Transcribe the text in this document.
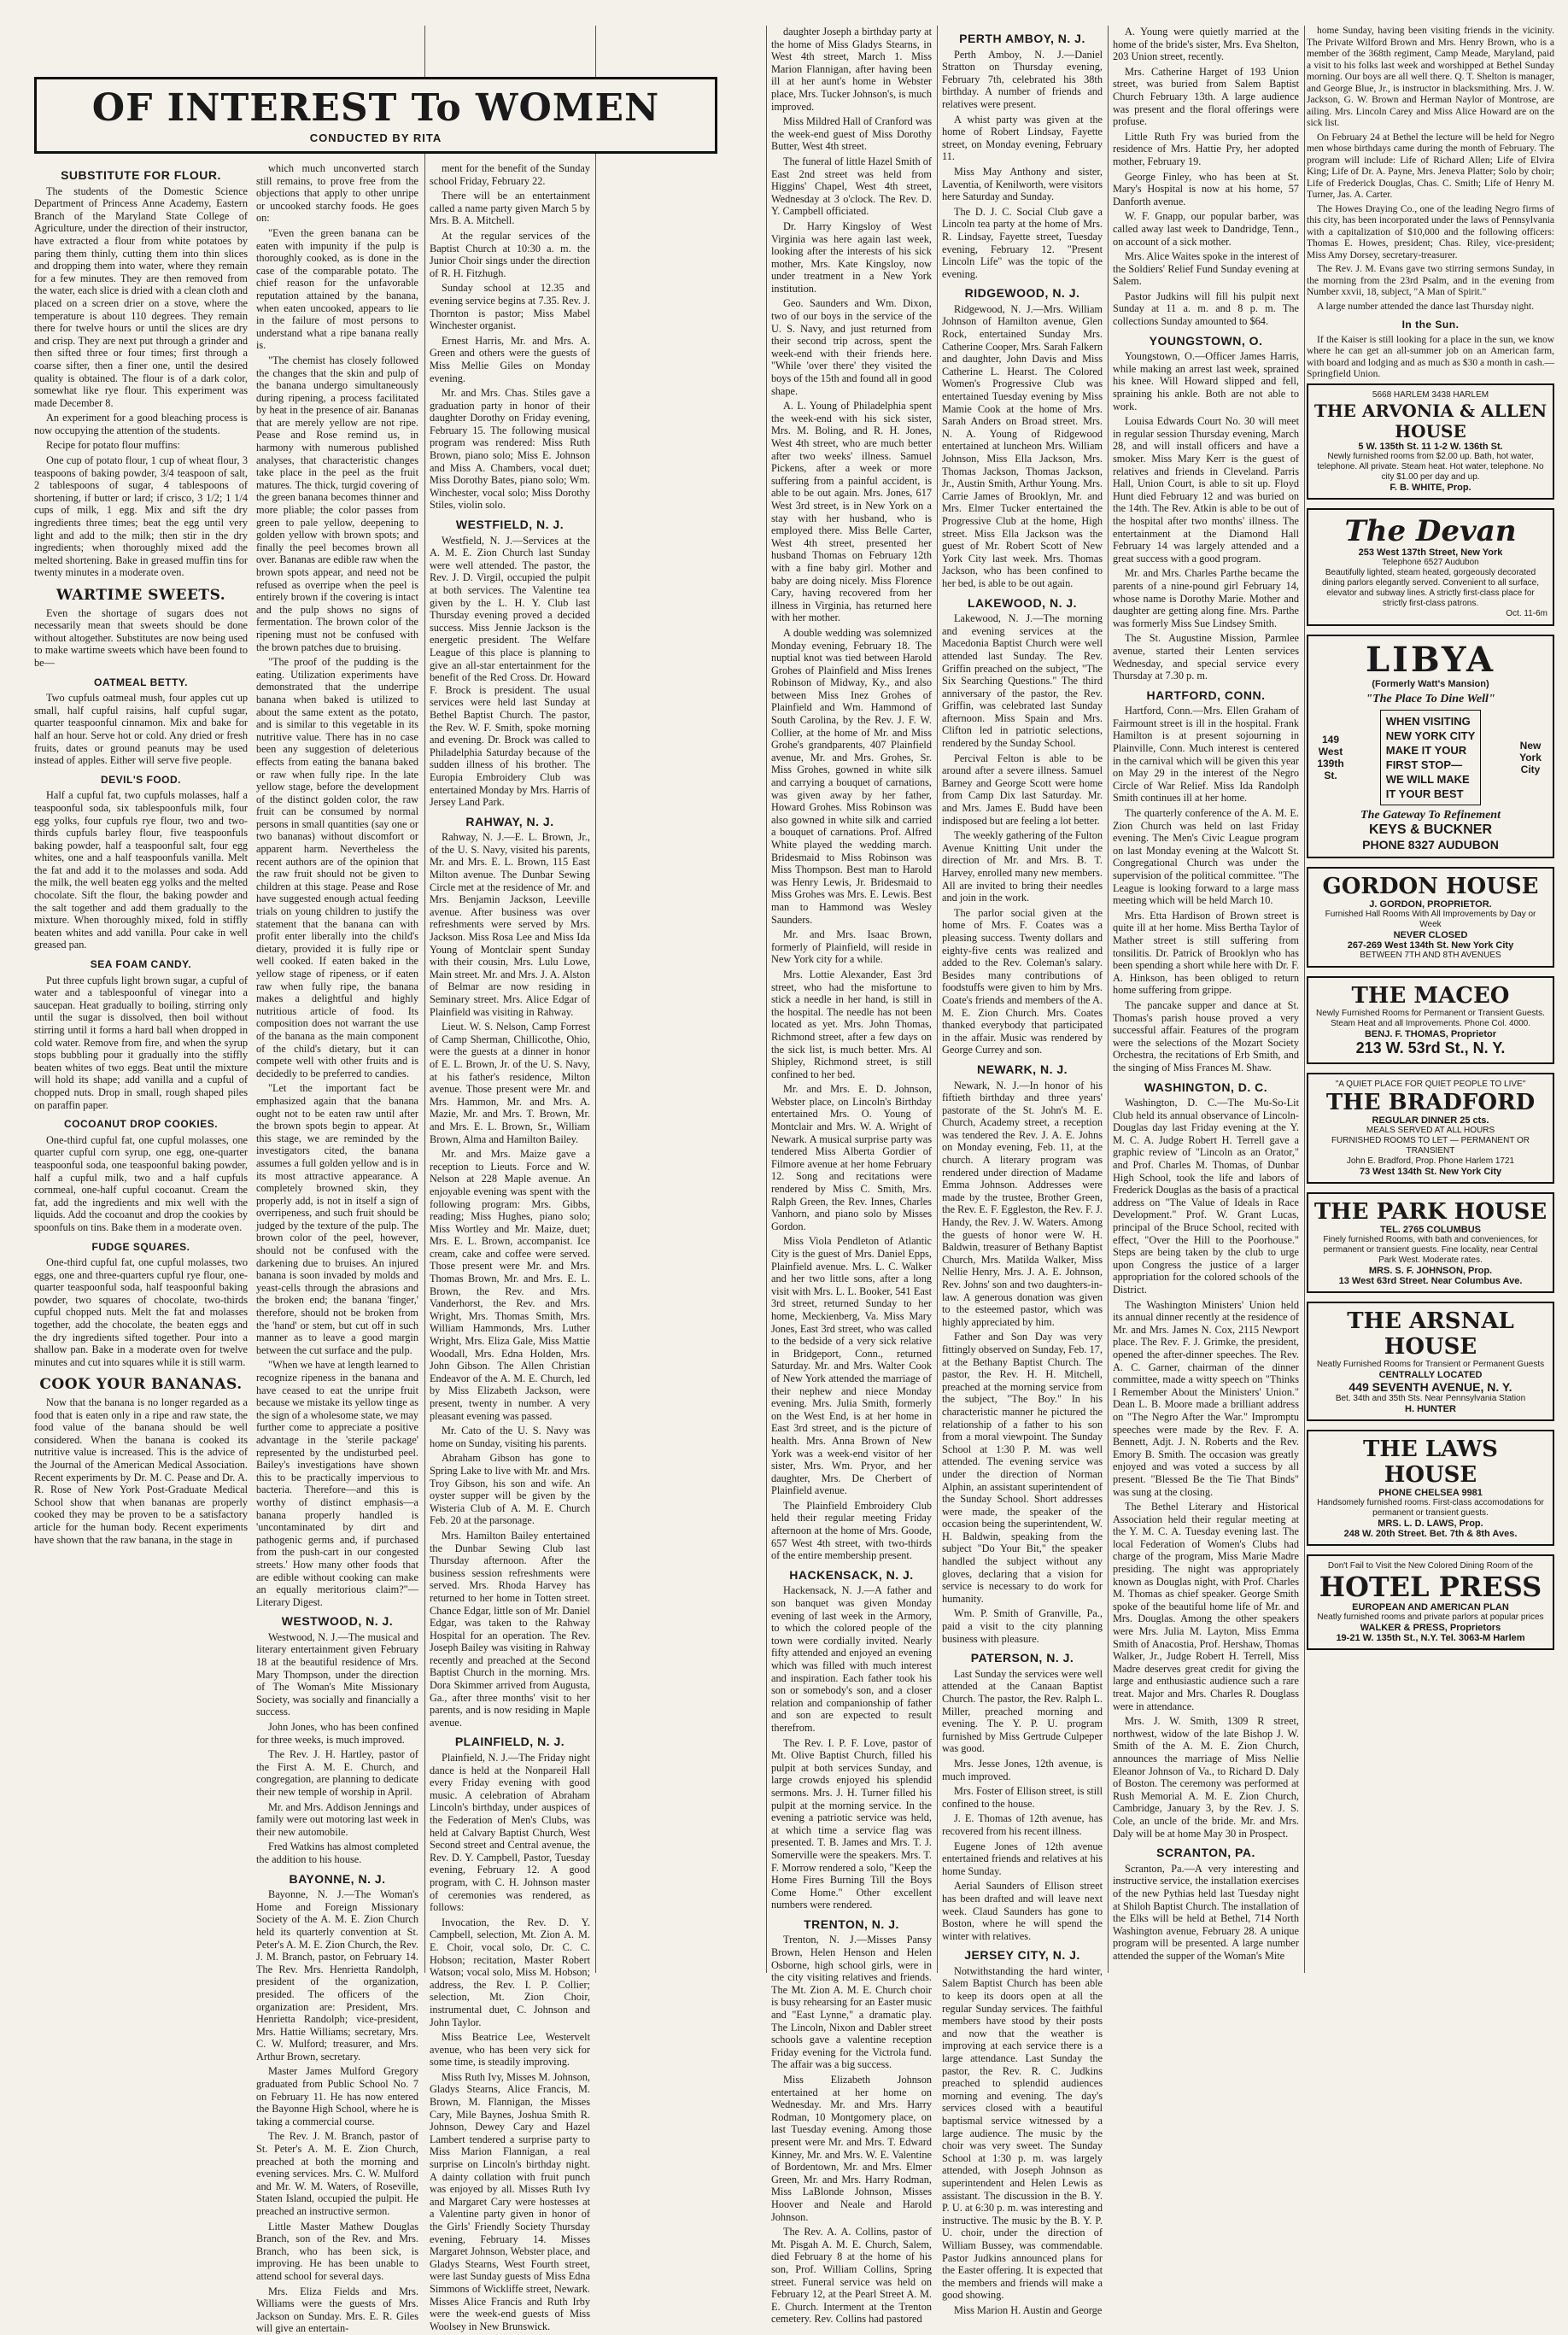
OF INTEREST To WOMEN
CONDUCTED BY RITA
SUBSTITUTE FOR FLOUR.

The students of the Domestic Science Department of Princess Anne Academy, Eastern Branch of the Maryland State College of Agriculture, under the direction of their instructor, have extracted a flour from white potatoes by paring them thinly, cutting them into thin slices and dropping them into water, where they remain for a few minutes. They are then removed from the water, each slice is dried with a clean cloth and placed on a screen drier on a stove, where the temperature is about 110 degrees. They remain there for twelve hours or until the slices are dry and crisp. They are next put through a grinder and then sifted three or four times; first through a coarse sifter, then a finer one, until the desired quality is obtained. The flour is of a dark color, somewhat like rye flour. This experiment was made December 8.

An experiment for a good bleaching process is now occupying the attention of the students.

Recipe for potato flour muffins:

One cup of potato flour, 1 cup of wheat flour, 3 teaspoons of baking powder, 3/4 teaspoon of salt, 2 tablespoons of sugar, 4 tablespoons of shortening, if butter or lard; if crisco, 3 1/2; 1 1/4 cups of milk, 1 egg. Mix and sift the dry ingredients three times; beat the egg until very light and add to the milk; then stir in the dry ingredients; when thoroughly mixed add the melted shortening. Bake in greased muffin tins for twenty minutes in a moderate oven.

WARTIME SWEETS.

Even the shortage of sugars does not necessarily mean that sweets should be done without altogether. Substitutes are now being used to make wartime sweets which have been found to be—

OATMEAL BETTY.

Two cupfuls oatmeal mush, four apples cut up small, half cupful raisins, half cupful sugar, quarter teaspoonful cinnamon. Mix and bake for half an hour. Serve hot or cold. Any dried or fresh fruits, dates or ground peanuts may be used instead of apples. Either will serve five people.

DEVIL'S FOOD.

Half a cupful fat, two cupfuls molasses, half a teaspoonful soda, six tablespoonfuls milk, four egg yolks, four cupfuls rye flour, two and two-thirds cupfuls barley flour, five teaspoonfuls baking powder, half a teaspoonful salt, four egg whites, one and a half teaspoonfuls vanilla. Melt the fat and add it to the molasses and soda. Add the milk, the well beaten egg yolks and the melted chocolate. Sift the flour, the baking powder and the salt together and add them gradually to the mixture. When thoroughly mixed, fold in stiffly beaten whites and add vanilla. Pour cake in well greased pan.

SEA FOAM CANDY.

Put three cupfuls light brown sugar, a cupful of water and a tablespoonful of vinegar into a saucepan. Heat gradually to boiling, stirring only until the sugar is dissolved, then boil without stirring until it forms a hard ball when dropped in cold water. Remove from fire, and when the syrup stops bubbling pour it gradually into the stiffly beaten whites of two eggs. Beat until the mixture will hold its shape; add vanilla and a cupful of chopped nuts. Drop in small, rough shaped piles on paraffin paper.

COCOANUT DROP COOKIES.

One-third cupful fat, one cupful molasses, one quarter cupful corn syrup, one egg, one-quarter teaspoonful soda, one teaspoonful baking powder, half a cupful milk, two and a half cupfuls cornmeal, one-half cupful cocoanut. Cream the fat, add the ingredients and mix well with the liquids. Add the cocoanut and drop the cookies by spoonfuls on tins. Bake them in a moderate oven.

FUDGE SQUARES.

One-third cupful fat, one cupful molasses, two eggs, one and three-quarters cupful rye flour, one-quarter teaspoonful soda, half teaspoonful baking powder, two squares of chocolate, two-thirds cupful chopped nuts. Melt the fat and molasses together, add the chocolate, the beaten eggs and the dry ingredients sifted together. Pour into a shallow pan. Bake in a moderate oven for twelve minutes and cut into squares while it is still warm.

COOK YOUR BANANAS.

Now that the banana is no longer regarded as a food that is eaten only in a ripe and raw state, the food value of the banana should be well considered. When the banana is cooked its nutritive value is increased. This is the advice of the Journal of the American Medical Association. Recent experiments by Dr. M. C. Pease and Dr. A. R. Rose of New York Post-Graduate Medical School show that when bananas are properly cooked they may be proven to be a satisfactory article for the human body. Recent experiments have shown that the raw banana, in the stage in

which much unconverted starch still remains, to prove free from the objections that apply to other unripe or uncooked starchy foods. He goes on:

"Even the green banana can be eaten with impunity if the pulp is thoroughly cooked, as is done in the case of the comparable potato. The chief reason for the unfavorable reputation attained by the banana, when eaten uncooked, appears to lie in the failure of most persons to understand what a ripe banana really is.

"The chemist has closely followed the changes that the skin and pulp of the banana undergo simultaneously during ripening, a process facilitated by heat in the presence of air. Bananas that are merely yellow are not ripe. Pease and Rose remind us, in harmony with numerous published analyses, that characteristic changes take place in the peel as the fruit matures. The thick, turgid covering of the green banana becomes thinner and more pliable; the color passes from green to pale yellow, deepening to golden yellow with brown spots; and finally the peel becomes brown all over. Bananas are edible raw when the brown spots appear, and need not be refused as overripe when the peel is entirely brown if the covering is intact and the pulp shows no signs of fermentation. The brown color of the ripening must not be confused with the brown patches due to bruising.

"The proof of the pudding is the eating. Utilization experiments have demonstrated that the underripe banana when baked is utilized to about the same extent as the potato, and is similar to this vegetable in its nutritive value. There has in no case been any suggestion of deleterious effects from eating the banana baked or raw when fully ripe. In the late yellow stage, before the development of the distinct golden color, the raw fruit can be consumed by normal persons in small quantities (say one or two bananas) without discomfort or apparent harm. Nevertheless the recent authors are of the opinion that the raw fruit should not be given to children at this stage. Pease and Rose have suggested enough actual feeding trials on young children to justify the statement that the banana can with profit enter liberally into the child's dietary, provided it is fully ripe or well cooked. If eaten baked in the yellow stage of ripeness, or if eaten raw when fully ripe, the banana makes a delightful and highly nutritious article of food. Its composition does not warrant the use of the banana as the main component of the child's dietary, but it can compete well with other fruits and is decidedly to be preferred to candies.

"Let the important fact be emphasized again that the banana ought not to be eaten raw until after the brown spots begin to appear. At this stage, we are reminded by the investigators cited, the banana assumes a full golden yellow and is in its most attractive appearance. A completely browned skin, they properly add, is not in itself a sign of overripeness, and such fruit should be judged by the texture of the pulp. The brown color of the peel, however, should not be confused with the darkening due to bruises. An injured banana is soon invaded by molds and yeast-cells through the abrasions and the broken end; the banana 'finger,' therefore, should not be broken from the 'hand' or stem, but cut off in such manner as to leave a good margin between the cut surface and the pulp.

"When we have at length learned to recognize ripeness in the banana and have ceased to eat the unripe fruit because we mistake its yellow tinge as the sign of a wholesome state, we may further come to appreciate a positive advantage in the 'sterile package' represented by the undisturbed peel. Bailey's investigations have shown this to be practically impervious to bacteria. Therefore—and this is worthy of distinct emphasis—a banana properly handled is 'uncontaminated by dirt and pathogenic germs and, if purchased from the push-cart in our congested streets.' How many other foods that are edible without cooking can make an equally meritorious claim?"—Literary Digest.

WESTWOOD, N. J.

Westwood, N. J.—The musical and literary entertainment given February 18 at the beautiful residence of Mrs. Mary Thompson, under the direction of The Woman's Mite Missionary Society, was socially and financially a success.

John Jones, who has been confined for three weeks, is much improved.

The Rev. J. H. Hartley, pastor of the First A. M. E. Church, and congregation, are planning to dedicate their new temple of worship in April.

Mr. and Mrs. Addison Jennings and family were out motoring last week in their new automobile.

Fred Watkins has almost completed the addition to his house.

BAYONNE, N. J.

Bayonne, N. J.—The Woman's Home and Foreign Missionary Society of the A. M. E. Zion Church held its quarterly convention at St. Peter's A. M. E. Zion Church, the Rev. J. M. Branch, pastor, on February 14. The Rev. Mrs. Henrietta Randolph, president of the organization, presided. The officers of the organization are: President, Mrs. Henrietta Randolph; vice-president, Mrs. Hattie Williams; secretary, Mrs. C. W. Mulford; treasurer, and Mrs. Arthur Brown, secretary.

Master James Mulford Gregory graduated from Public School No. 7 on February 11. He has now entered the Bayonne High School, where he is taking a commercial course.

The Rev. J. M. Branch, pastor of St. Peter's A. M. E. Zion Church, preached at both the morning and evening services. Mrs. C. W. Mulford and Mr. W. M. Waters, of Roseville, Staten Island, occupied the pulpit. He preached an instructive sermon.

Little Master Mathew Douglas Branch, son of the Rev. and Mrs. Branch, who has been sick, is improving. He has been unable to attend school for several days.

Mrs. Eliza Fields and Mrs. Williams were the guests of Mrs. Jackson on Sunday. Mrs. E. R. Giles will give an entertain-

ment for the benefit of the Sunday school Friday, February 22.

There will be an entertainment called a name party given March 5 by Mrs. B. A. Mitchell.

At the regular services of the Baptist Church at 10:30 a. m. the Junior Choir sings under the direction of R. H. Fitzhugh.

Sunday school at 12.35 and evening service begins at 7.35. Rev. J. Thornton is pastor; Miss Mabel Winchester organist.

Ernest Harris, Mr. and Mrs. A. Green and others were the guests of Miss Mellie Giles on Monday evening.

Mr. and Mrs. Chas. Stiles gave a graduation party in honor of their daughter Dorothy on Friday evening, February 15. The following musical program was rendered: Miss Ruth Brown, piano solo; Miss E. Johnson and Miss A. Chambers, vocal duet; Miss Dorothy Bates, piano solo; Wm. Winchester, vocal solo; Miss Dorothy Stiles, violin solo.

WESTFIELD, N. J.

Westfield, N. J.—Services at the A. M. E. Zion Church last Sunday were well attended. The pastor, the Rev. J. D. Virgil, occupied the pulpit at both services. The Valentine tea given by the L. H. Y. Club last Thursday evening proved a decided success. Miss Jennie Jackson is the energetic president. The Welfare League of this place is planning to give an all-star entertainment for the benefit of the Red Cross. Dr. Howard F. Brock is president. The usual services were held last Sunday at Bethel Baptist Church. The pastor, the Rev. W. F. Smith, spoke morning and evening. Dr. Brock was called to Philadelphia Saturday because of the sudden illness of his brother. The Europia Embroidery Club was entertained Monday by Mrs. Harris of Jersey Land Park.

RAHWAY, N. J.

Rahway, N. J.—E. L. Brown, Jr., of the U. S. Navy, visited his parents, Mr. and Mrs. E. L. Brown, 115 East Milton avenue. The Dunbar Sewing Circle met at the residence of Mr. and Mrs. Benjamin Jackson, Leeville avenue. After business was over refreshments were served by Mrs. Jackson. Miss Rosa Lee and Miss Ida Young of Montclair spent Sunday with their cousin, Mrs. Lulu Lowe, Main street. Mr. and Mrs. J. A. Alston of Belmar are now residing in Seminary street. Mrs. Alice Edgar of Plainfield was visiting in Rahway.

Lieut. W. S. Nelson, Camp Forrest of Camp Sherman, Chillicothe, Ohio, were the guests at a dinner in honor of E. L. Brown, Jr. of the U. S. Navy, at his father's residence, Milton avenue. Those present were Mr. and Mrs. Hammon, Mr. and Mrs. A. Mazie, Mr. and Mrs. T. Brown, Mr. and Mrs. E. L. Brown, Sr., William Brown, Alma and Hamilton Bailey.

Mr. and Mrs. Maize gave a reception to Lieuts. Force and W. Nelson at 228 Maple avenue. An enjoyable evening was spent with the following program: Mrs. Gibbs, reading; Miss Hughes, piano solo; Miss Wortley and Mr. Maize, duet; Mrs. E. L. Brown, accompanist. Ice cream, cake and coffee were served. Those present were Mr. and Mrs. Thomas Brown, Mr. and Mrs. E. L. Brown, the Rev. and Mrs. Vanderhorst, the Rev. and Mrs. Wright, Mrs. Thomas Smith, Mrs. William Hammonds, Mrs. Luther Wright, Mrs. Eliza Gale, Miss Mattie Woodall, Mrs. Edna Holden, Mrs. John Gibson. The Allen Christian Endeavor of the A. M. E. Church, led by Miss Elizabeth Jackson, were present, twenty in number. A very pleasant evening was passed.

Mr. Cato of the U. S. Navy was home on Sunday, visiting his parents.

Abraham Gibson has gone to Spring Lake to live with Mr. and Mrs. Troy Gibson, his son and wife. An oyster supper will be given by the Wisteria Club of A. M. E. Church Feb. 20 at the parsonage.

Mrs. Hamilton Bailey entertained the Dunbar Sewing Club last Thursday afternoon. After the business session refreshments were served. Mrs. Rhoda Harvey has returned to her home in Totten street. Chance Edgar, little son of Mr. Daniel Edgar, was taken to the Rahway Hospital for an operation. The Rev. Joseph Bailey was visiting in Rahway recently and preached at the Second Baptist Church in the morning. Mrs. Dora Skimmer arrived from Augusta, Ga., after three months' visit to her parents, and is now residing in Maple avenue.

PLAINFIELD, N. J.

Plainfield, N. J.—The Friday night dance is held at the Nonpareil Hall every Friday evening with good music. A celebration of Abraham Lincoln's birthday, under auspices of the Federation of Men's Clubs, was held at Calvary Baptist Church, West Second street and Central avenue, the Rev. D. Y. Campbell, Pastor, Tuesday evening, February 12. A good program, with C. H. Johnson master of ceremonies was rendered, as follows:

Invocation, the Rev. D. Y. Campbell, selection, Mt. Zion A. M. E. Choir, vocal solo, Dr. C. C. Hobson; recitation, Master Robert Watson; vocal solo, Miss M. Hobson; address, the Rev. I. P. Collier; selection, Mt. Zion Choir, instrumental duet, C. Johnson and John Taylor.

Miss Beatrice Lee, Westervelt avenue, who has been very sick for some time, is steadily improving.

Miss Ruth Ivy, Misses M. Johnson, Gladys Stearns, Alice Francis, M. Brown, M. Flannigan, the Misses Cary, Mile Baynes, Joshua Smith R. Johnson, Dewey Cary and Hazel Lambert tendered a surprise party to Miss Marion Flannigan, a real surprise on Lincoln's birthday night. A dainty collation with fruit punch was enjoyed by all. Misses Ruth Ivy and Margaret Cary were hostesses at a Valentine party given in honor of the Girls' Friendly Society Thursday evening, February 14. Misses Margaret Johnson, Webster place, and Gladys Stearns, West Fourth street, were last Sunday guests of Miss Edna Simmons of Wickliffe street, Newark. Misses Alice Francis and Ruth Irby were the week-end guests of Miss Woolsey in New Brunswick.

daughter Joseph a birthday party at the home of Miss Gladys Stearns, in West 4th street, March 1. Miss Marion Flannigan, after having been ill at her aunt's home in Webster place, Mrs. Tucker Johnson's, is much improved.

Miss Mildred Hall of Cranford was the week-end guest of Miss Dorothy Butter, West 4th street.

The funeral of little Hazel Smith of East 2nd street was held from Higgins' Chapel, West 4th street, Wednesday at 3 o'clock. The Rev. D. Y. Campbell officiated.

Dr. Harry Kingsloy of West Virginia was here again last week, looking after the interests of his sick mother, Mrs. Kate Kingsloy, now under treatment in a New York institution.

Geo. Saunders and Wm. Dixon, two of our boys in the service of the U. S. Navy, and just returned from their second trip across, spent the week-end with their friends here. "While 'over there' they visited the boys of the 15th and found all in good shape.

A. L. Young of Philadelphia spent the week-end with his sick sister, Mrs. M. Boling, and R. H. Jones, West 4th street, who are much better after two weeks' illness. Samuel Pickens, after a week or more suffering from a painful accident, is able to be out again. Mrs. Jones, 617 West 3rd street, is in New York on a stay with her husband, who is employed there. Miss Belle Carter, West 4th street, presented her husband Thomas on February 12th with a fine baby girl. Mother and baby are doing nicely. Miss Florence Cary, having recovered from her illness in Virginia, has returned here with her mother.

A double wedding was solemnized Monday evening, February 18. The nuptial knot was tied between Harold Grohes of Plainfield and Miss Irenes Robinson of Midway, Ky., and also between Miss Inez Grohes of Plainfield and Wm. Hammond of South Carolina, by the Rev. J. F. W. Collier, at the home of Mr. and Miss Grohe's grandparents, 407 Plainfield avenue, Mr. and Mrs. Grohes, Sr. Miss Grohes, gowned in white silk and carrying a bouquet of carnations, was given away by her father, Howard Grohes. Miss Robinson was also gowned in white silk and carried a bouquet of carnations. Prof. Alfred White played the wedding march. Bridesmaid to Miss Robinson was Miss Thompson. Best man to Harold was Henry Lewis, Jr. Bridesmaid to Miss Grohes was Mrs. E. Lewis. Best man to Hammond was Wesley Saunders.

Mr. and Mrs. Isaac Brown, formerly of Plainfield, will reside in New York city for a while.

Mrs. Lottie Alexander, East 3rd street, who had the misfortune to stick a needle in her hand, is still in the hospital. The needle has not been located as yet. Mrs. John Thomas, Richmond street, after a few days on the sick list, is much better. Mrs. Al Shipley, Richmond street, is still confined to her bed.

Mr. and Mrs. E. D. Johnson, Webster place, on Lincoln's Birthday entertained Mrs. O. Young of Montclair and Mrs. W. A. Wright of Newark. A musical surprise party was tendered Miss Alberta Gordier of Filmore avenue at her home February 12. Song and recitations were rendered by Miss C. Smith, Mrs. Ralph Green, the Rev. Innes, Charles Vanhorn, and piano solo by Misses Gordon.

Miss Viola Pendleton of Atlantic City is the guest of Mrs. Daniel Epps, Plainfield avenue. Mrs. L. C. Walker and her two little sons, after a long visit with Mrs. L. L. Booker, 541 East 3rd street, returned Sunday to her home, Meckienberg, Va. Miss Mary Jones, East 3rd street, who was called to the bedside of a very sick relative in Bridgeport, Conn., returned Saturday. Mr. and Mrs. Walter Cook of New York attended the marriage of their nephew and niece Monday evening. Mrs. Julia Smith, formerly on the West End, is at her home in East 3rd street, and is the picture of health. Mrs. Anna Brown of New York was a week-end visitor of her sister, Mrs. Wm. Pryor, and her daughter, Mrs. De Cherbert of Plainfield avenue.

The Plainfield Embroidery Club held their regular meeting Friday afternoon at the home of Mrs. Goode, 657 West 4th street, with two-thirds of the entire membership present.

HACKENSACK, N. J.

Hackensack, N. J.—A father and son banquet was given Monday evening of last week in the Armory, to which the colored people of the town were cordially invited. Nearly fifty attended and enjoyed an evening which was filled with much interest and inspiration. Each father took his son or somebody's son, and a closer relation and companionship of father and son are expected to result therefrom.

The Rev. I. P. F. Love, pastor of Mt. Olive Baptist Church, filled his pulpit at both services Sunday, and large crowds enjoyed his splendid sermons. Mrs. J. H. Turner filled his pulpit at the morning service. In the evening a patriotic service was held, at which time a service flag was presented. T. B. James and Mrs. T. J. Somerville were the speakers. Mrs. T. F. Morrow rendered a solo, "Keep the Home Fires Burning Till the Boys Come Home." Other excellent numbers were rendered.

TRENTON, N. J.

Trenton, N. J.—Misses Pansy Brown, Helen Henson and Helen Osborne, high school girls, were in the city visiting relatives and friends. The Mt. Zion A. M. E. Church choir is busy rehearsing for an Easter music and "East Lynne," a dramatic play. The Lincoln, Nixon and Dabler street schools gave a valentine reception Friday evening for the Victrola fund. The affair was a big success.

Miss Elizabeth Johnson entertained at her home on Wednesday. Mr. and Mrs. Harry Rodman, 10 Montgomery place, on last Tuesday evening. Among those present were Mr. and Mrs. T. Edward Kinney, Mr. and Mrs. W. E. Valentine of Bordentown, Mr. and Mrs. Elmer Green, Mr. and Mrs. Harry Rodman, Miss LaBlonde Johnson, Misses Hoover and Neale and Harold Johnson.

The Rev. A. A. Collins, pastor of Mt. Pisgah A. M. E. Church, Salem, died February 8 at the home of his son, Prof. William Collins, Spring street. Funeral service was held on February 12, at the Pearl Street A. M. E. Church. Interment at the Trenton cemetery. Rev. Collins had pastored

PERTH AMBOY, N. J.

Perth Amboy, N. J.—Daniel Stratton on Thursday evening, February 7th, celebrated his 38th birthday. A number of friends and relatives were present.

A whist party was given at the home of Robert Lindsay, Fayette street, on Monday evening, February 11.

Miss May Anthony and sister, Laventia, of Kenilworth, were visitors here Saturday and Sunday.

The D. J. C. Social Club gave a Lincoln tea party at the home of Mrs. R. Lindsay, Fayette street, Tuesday evening, February 12. "Present Lincoln Life" was the topic of the evening.

RIDGEWOOD, N. J.

Ridgewood, N. J.—Mrs. William Johnson of Hamilton avenue, Glen Rock, entertained Sunday Mrs. Catherine Cooper, Mrs. Sarah Falkern and daughter, John Davis and Miss Catherine L. Hearst. The Colored Women's Progressive Club was entertained Tuesday evening by Miss Mamie Cook at the home of Mrs. Sarah Anders on Broad street. Mrs. N. A. Young of Ridgewood entertained at luncheon Mrs. William Johnson, Miss Ella Jackson, Mrs. Thomas Jackson, Thomas Jackson, Jr., Austin Smith, Arthur Young. Mrs. Carrie James of Brooklyn, Mr. and Mrs. Elmer Tucker entertained the Progressive Club at the home, High street. Miss Ella Jackson was the guest of Mr. Robert Scott of New York City last week. Mrs. Thomas Jackson, who has been confined to her bed, is able to be out again.

LAKEWOOD, N. J.

Lakewood, N. J.—The morning and evening services at the Macedonia Baptist Church were well attended last Sunday. The Rev. Griffin preached on the subject, "The Six Searching Questions." The third anniversary of the pastor, the Rev. Griffin, was celebrated last Sunday afternoon. Miss Spain and Mrs. Clifton led in patriotic selections, rendered by the Sunday School.

Percival Felton is able to be around after a severe illness. Samuel Barney and George Scott were home from Camp Dix last Saturday. Mr. and Mrs. James E. Budd have been indisposed but are feeling a lot better.

The weekly gathering of the Fulton Avenue Knitting Unit under the direction of Mr. and Mrs. B. T. Harvey, enrolled many new members. All are invited to bring their needles and join in the work.

The parlor social given at the home of Mrs. F. Coates was a pleasing success. Twenty dollars and eighty-five cents was realized and added to the Rev. Coleman's salary. Besides many contributions of foodstuffs were given to him by Mrs. Coate's friends and members of the A. M. E. Zion Church. Mrs. Coates thanked everybody that participated in the affair. Music was rendered by George Currey and son.

NEWARK, N. J.

Newark, N. J.—In honor of his fiftieth birthday and three years' pastorate of the St. John's M. E. Church, Academy street, a reception was tendered the Rev. J. A. E. Johns on Monday evening, Feb. 11, at the church. A literary program was rendered under direction of Madame Emma Johnson. Addresses were made by the trustee, Brother Green, the Rev. E. F. Eggleston, the Rev. F. J. Handy, the Rev. J. W. Waters. Among the guests of honor were W. H. Baldwin, treasurer of Bethany Baptist Church, Mrs. Matilda Walker, Miss Nellie Henry, Mrs. J. A. E. Johnson, Rev. Johns' son and two daughters-in-law. A generous donation was given to the esteemed pastor, which was highly appreciated by him.

Father and Son Day was very fittingly observed on Sunday, Feb. 17, at the Bethany Baptist Church. The pastor, the Rev. H. H. Mitchell, preached at the morning service from the subject, "The Boy." In his characteristic manner he pictured the relationship of a father to his son from a moral viewpoint. The Sunday School at 1:30 P. M. was well attended. The evening service was under the direction of Norman Alphin, an assistant superintendent of the Sunday School. Short addresses were made, the speaker of the occasion being the superintendent, W. H. Baldwin, speaking from the subject "Do Your Bit," the speaker handled the subject without any gloves, declaring that a vision for service is necessary to do work for humanity.

Wm. P. Smith of Granville, Pa., paid a visit to the city planning business with pleasure.

PATERSON, N. J.

Last Sunday the services were well attended at the Canaan Baptist Church. The pastor, the Rev. Ralph L. Miller, preached morning and evening. The Y. P. U. program furnished by Miss Gertrude Culpeper was good.

Mrs. Jesse Jones, 12th avenue, is much improved.

Mrs. Foster of Ellison street, is still confined to the house.

J. E. Thomas of 12th avenue, has recovered from his recent illness.

Eugene Jones of 12th avenue entertained friends and relatives at his home Sunday.

Aerial Saunders of Ellison street has been drafted and will leave next week. Claud Saunders has gone to Boston, where he will spend the winter with relatives.

JERSEY CITY, N. J.

Notwithstanding the hard winter, Salem Baptist Church has been able to keep its doors open at all the regular Sunday services. The faithful members have stood by their posts and now that the weather is improving at each service there is a large attendance. Last Sunday the pastor, the Rev. R. C. Judkins preached to splendid audiences morning and evening. The day's services closed with a beautiful baptismal service witnessed by a large audience. The music by the choir was very sweet. The Sunday School at 1:30 p. m. was largely attended, with Joseph Johnson as superintendent and Helen Lewis as assistant. The discussion in the B. Y. P. U. at 6:30 p. m. was interesting and instructive. The music by the B. Y. P. U. choir, under the direction of William Bussey, was commendable. Pastor Judkins announced plans for the Easter offering. It is expected that the members and friends will make a good showing.

Miss Marion H. Austin and George

A. Young were quietly married at the home of the bride's sister, Mrs. Eva Shelton, 203 Union street, recently.

Mrs. Catherine Harget of 193 Union street, was buried from Salem Baptist Church February 13th. A large audience was present and the floral offerings were profuse.

Little Ruth Fry was buried from the residence of Mrs. Hattie Pry, her adopted mother, February 19.

George Finley, who has been at St. Mary's Hospital is now at his home, 57 Danforth avenue.

W. F. Gnapp, our popular barber, was called away last week to Dandridge, Tenn., on account of a sick mother.

Mrs. Alice Waites spoke in the interest of the Soldiers' Relief Fund Sunday evening at Salem.

Pastor Judkins will fill his pulpit next Sunday at 11 a. m. and 8 p. m. The collections Sunday amounted to $64.

YOUNGSTOWN, O.

Youngstown, O.—Officer James Harris, while making an arrest last week, sprained his knee. Will Howard slipped and fell, spraining his ankle. Both are not able to work.

Louisa Edwards Court No. 30 will meet in regular session Thursday evening, March 28, and will install officers and have a smoker. Miss Mary Kerr is the guest of relatives and friends in Cleveland. Parris Hall, Union Court, is able to sit up. Floyd Hunt died February 12 and was buried on the 14th. The Rev. Atkin is able to be out of the hospital after two months' illness. The entertainment at the Diamond Hall February 14 was largely attended and a great success with a good program.

Mr. and Mrs. Charles Parthe became the parents of a nine-pound girl February 14, whose name is Dorothy Marie. Mother and daughter are getting along fine. Mrs. Parthe was formerly Miss Sue Lindsey Smith.

The St. Augustine Mission, Parmlee avenue, started their Lenten services Wednesday, and special service every Thursday at 7.30 p. m.

HARTFORD, CONN.

Hartford, Conn.—Mrs. Ellen Graham of Fairmount street is ill in the hospital. Frank Hamilton is at present sojourning in Plainville, Conn. Much interest is centered in the carnival which will be given this year on May 29 in the interest of the Negro Circle of War Relief. Miss Ida Randolph Smith continues ill at her home.

The quarterly conference of the A. M. E. Zion Church was held on last Friday evening. The Men's Civic League program on last Monday evening at the Walcott St. Congregational Church was under the supervision of the political committee. "The League is looking forward to a large mass meeting which will be held March 10.

Mrs. Etta Hardison of Brown street is quite ill at her home. Miss Bertha Taylor of Mather street is still suffering from tonsilitis. Dr. Patrick of Brooklyn who has been spending a short while here with Dr. F. A. Hinkson, has been obliged to return home suffering from grippe.

The pancake supper and dance at St. Thomas's parish house proved a very successful affair. Features of the program were the selections of the Mozart Society Orchestra, the recitations of Erb Smith, and the singing of Miss Frances M. Shaw.

WASHINGTON, D. C.

Washington, D. C.—The Mu-So-Lit Club held its annual observance of Lincoln-Douglas day last Friday evening at the Y. M. C. A. Judge Robert H. Terrell gave a graphic review of "Lincoln as an Orator," and Prof. Charles M. Thomas, of Dunbar High School, took the life and labors of Frederick Douglas as the basis of a practical address on "The Value of Ideals in Race Development." Prof. W. Grant Lucas, principal of the Bruce School, recited with effect, "Over the Hill to the Poorhouse." Steps are being taken by the club to urge upon Congress the justice of a larger appropriation for the colored schools of the District.

The Washington Ministers' Union held its annual dinner recently at the residence of Mr. and Mrs. James N. Cox, 2115 Newport place. The Rev. F. J. Grimke, the president, opened the after-dinner speeches. The Rev. A. C. Garner, chairman of the dinner committee, made a witty speech on "Thinks I Remember About the Ministers' Union." Dean L. B. Moore made a brilliant address on "The Negro After the War." Impromptu speeches were made by the Rev. F. A. Bennett, Adjt. J. N. Roberts and the Rev. Emory B. Smith. The occasion was greatly enjoyed and was voted a success by all present. "Blessed Be the Tie That Binds" was sung at the closing.

The Bethel Literary and Historical Association held their regular meeting at the Y. M. C. A. Tuesday evening last. The local Federation of Women's Clubs had charge of the program, Miss Marie Madre presiding. The night was appropriately known as Douglas night, with Prof. Charles M. Thomas as chief speaker. George Smith spoke of the beautiful home life of Mr. and Mrs. Douglas. Among the other speakers were Mrs. Julia M. Layton, Miss Emma Smith of Anacostia, Prof. Hershaw, Thomas Walker, Jr., Judge Robert H. Terrell, Miss Madre deserves great credit for giving the large and enthusiastic audience such a rare treat. Major and Mrs. Charles R. Douglass were in attendance.

Mrs. J. W. Smith, 1309 R street, northwest, widow of the late Bishop J. W. Smith of the A. M. E. Zion Church, announces the marriage of Miss Nellie Eleanor Johnson of Va., to Richard D. Daly of Boston. The ceremony was performed at Rush Memorial A. M. E. Zion Church, Cambridge, January 3, by the Rev. J. S. Cole, an uncle of the bride. Mr. and Mrs. Daly will be at home May 30 in Prospect.

SCRANTON, PA.

Scranton, Pa.—A very interesting and instructive service, the installation exercises of the new Pythias held last Tuesday night at Shiloh Baptist Church. The installation of the Elks will be held at Bethel, 714 North Washington avenue, February 28. A unique program will be presented. A large number attended the supper of the Woman's Mite

home Sunday, having been visiting friends in the vicinity. The Private Wilford Brown and Mrs. Henry Brown, who is a member of the 368th regiment, Camp Meade, Maryland, paid a visit to his folks last week and worshipped at Bethel Sunday morning. Our boys are all well there. Q. T. Shelton is manager, and George Blue, Jr., is instructor in blacksmithing. Mrs. J. W. Jackson, G. W. Brown and Herman Naylor of Montrose, are ailing. Mrs. Lincoln Carey and Miss Alice Howard are on the sick list.

On February 24 at Bethel the lecture will be held for Negro men whose birthdays came during the month of February. The program will include: Life of Richard Allen; Life of Elvira King; Life of Dr. A. Payne, Mrs. Jeneva Platter; Solo by choir; Life of Frederick Douglas, Chas. C. Smith; Life of Henry M. Turner, Jas. A. Carter.

The Howes Draying Co., one of the leading Negro firms of this city, has been incorporated under the laws of Pennsylvania with a capitalization of $10,000 and the following officers: Thomas E. Howes, president; Chas. Riley, vice-president; Miss Amy Dorsey, secretary-treasurer.

The Rev. J. M. Evans gave two stirring sermons Sunday, in the morning from the 23rd Psalm, and in the evening from Number xxvii, 18, subject, "A Man of Spirit."

A large number attended the dance last Thursday night.

In the Sun.

If the Kaiser is still looking for a place in the sun, we know where he can get an all-summer job on an American farm, with board and lodging and as much as $30 a month in cash.—Springfield Union.

5668 HARLEM 3438 HARLEM
THE ARVONIA & ALLEN HOUSE
5 W. 135th St. 11 1-2 W. 136th St.
Newly furnished rooms from $2.00 up. Bath, hot water, telephone. All private. Steam heat. Hot water, telephone. No city $1.00 per day and up.
F. B. WHITE, Prop.
The Devan
253 West 137th Street, New York
Telephone 6527 Audubon
Beautifully lighted, steam heated, gorgeously decorated dining parlors elegantly served. Convenient to all surface, elevator and subway lines. A strictly first-class place for strictly first-class patrons.
Oct. 11-6m
LIBYA
(Formerly Watt's Mansion)
"The Place To Dine Well"
149 West 139th St.
WHEN VISITING
NEW YORK CITY
MAKE IT YOUR
FIRST STOP—
WE WILL MAKE
IT YOUR BEST
New York City
The Gateway To Refinement
KEYS & BUCKNER
PHONE 8327 AUDUBON
GORDON HOUSE
J. GORDON, PROPRIETOR.
Furnished Hall Rooms With All Improvements by Day or Week
NEVER CLOSED
267-269 West 134th St. New York City
BETWEEN 7TH AND 8TH AVENUES
THE MACEO
Newly Furnished Rooms for Permanent or Transient Guests. Steam Heat and all Improvements. Phone Col. 4000.
BENJ. F. THOMAS, Proprietor
213 W. 53rd St., N. Y.
"A QUIET PLACE FOR QUIET PEOPLE TO LIVE"
THE BRADFORD
REGULAR DINNER 25 cts.
MEALS SERVED AT ALL HOURS
FURNISHED ROOMS TO LET — PERMANENT OR TRANSIENT
John E. Bradford, Prop. Phone Harlem 1721
73 West 134th St. New York City
THE PARK HOUSE
TEL. 2765 COLUMBUS
Finely furnished Rooms, with bath and conveniences, for permanent or transient guests. Fine locality, near Central Park West. Moderate rates.
MRS. S. F. JOHNSON, Prop.
13 West 63rd Street. Near Columbus Ave.
THE ARSNAL HOUSE
Neatly Furnished Rooms for Transient or Permanent Guests
CENTRALLY LOCATED
449 SEVENTH AVENUE, N. Y.
Bet. 34th and 35th Sts. Near Pennsylvania Station
H. HUNTER
THE LAWS HOUSE
PHONE CHELSEA 9981
Handsomely furnished rooms. First-class accomodations for permanent or transient guests.
MRS. L. D. LAWS, Prop.
248 W. 20th Street. Bet. 7th & 8th Aves.
Don't Fail to Visit the New Colored Dining Room of the
HOTEL PRESS
EUROPEAN AND AMERICAN PLAN
Neatly furnished rooms and private parlors at popular prices
WALKER & PRESS, Proprietors
19-21 W. 135th St., N.Y. Tel. 3063-M Harlem
